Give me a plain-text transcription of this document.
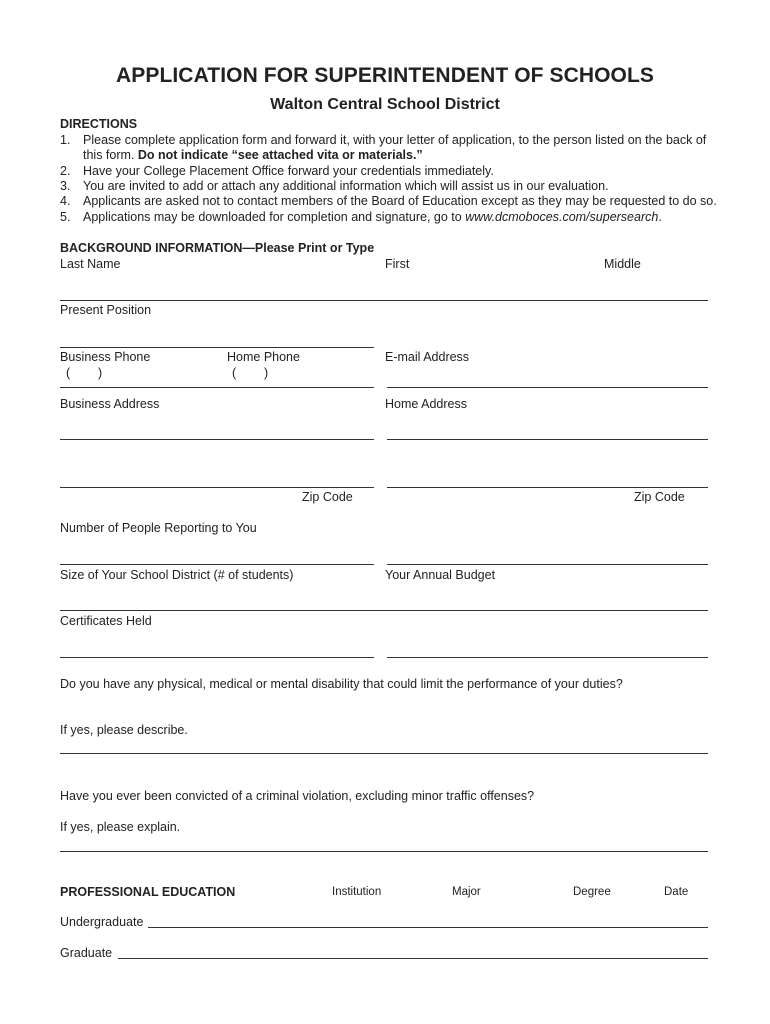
APPLICATION FOR SUPERINTENDENT OF SCHOOLS
Walton Central School District
DIRECTIONS
1. Please complete application form and forward it, with your letter of application, to the person listed on the back of this form. Do not indicate “see attached vita or materials.”
2. Have your College Placement Office forward your credentials immediately.
3. You are invited to add or attach any additional information which will assist us in our evaluation.
4. Applicants are asked not to contact members of the Board of Education except as they may be requested to do so.
5. Applications may be downloaded for completion and signature, go to www.dcmoboces.com/supersearch.
BACKGROUND INFORMATION—Please Print or Type
Last Name	First	Middle
Present Position
Business Phone	Home Phone	E-mail Address
(        )	(        )
Business Address	Home Address
Zip Code	Zip Code
Number of People Reporting to You
Size of Your School District (# of students)	Your Annual Budget
Certificates Held
Do you have any physical, medical or mental disability that could limit the performance of your duties?
If yes, please describe.
Have you ever been convicted of a criminal violation, excluding minor traffic offenses?
If yes, please explain.
PROFESSIONAL EDUCATION	Institution	Major	Degree	Date
Undergraduate
Graduate
